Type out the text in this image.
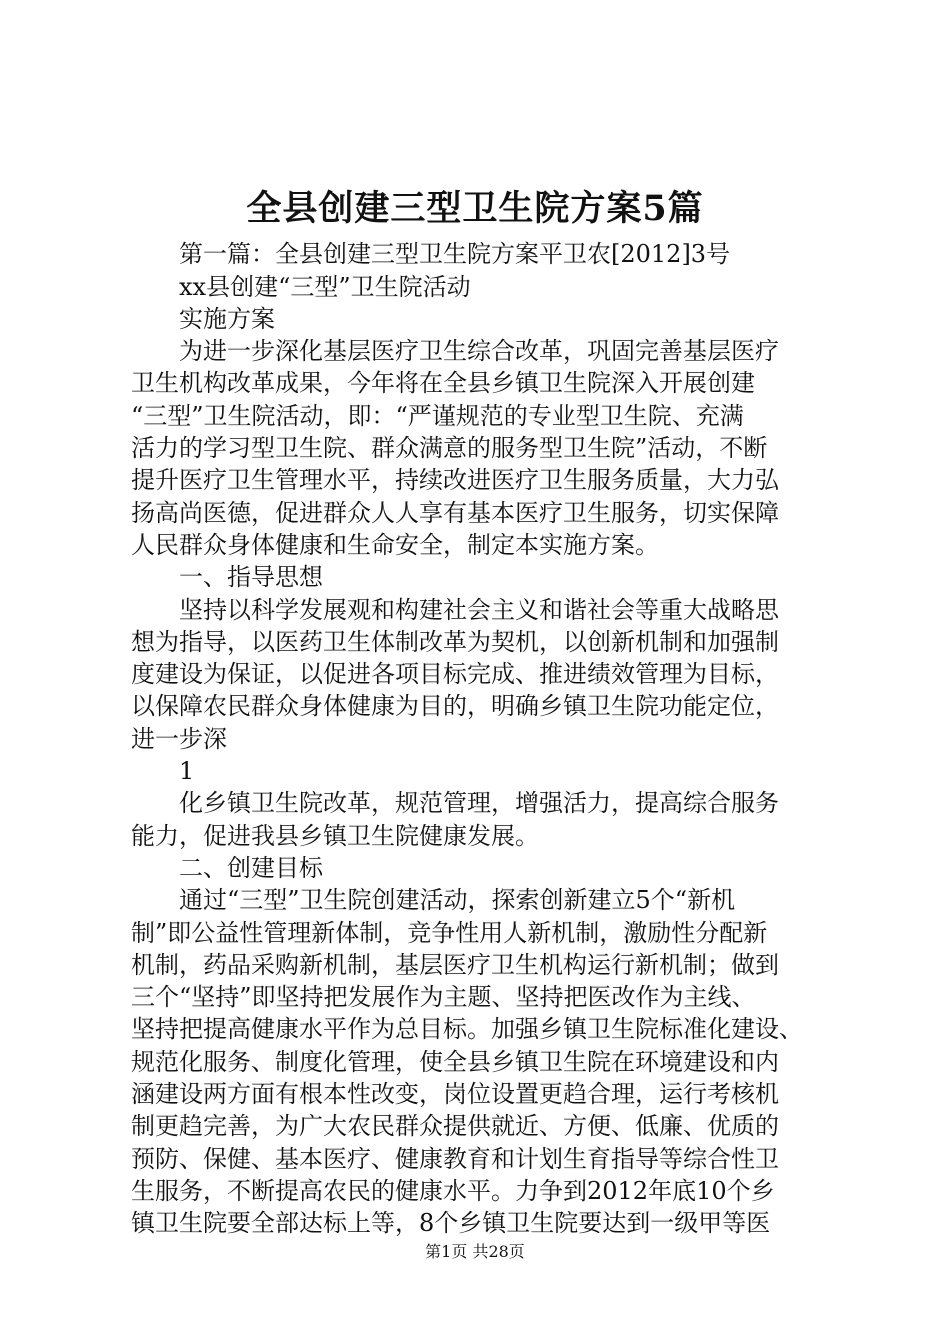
全县创建三型卫生院方案5篇
第一篇：全县创建三型卫生院方案平卫农[2012]3号
xx县创建“三型”卫生院活动
实施方案
为进一步深化基层医疗卫生综合改革，巩固完善基层医疗
卫生机构改革成果，今年将在全县乡镇卫生院深入开展创建
“三型”卫生院活动，即：“严谨规范的专业型卫生院、充满
活力的学习型卫生院、群众满意的服务型卫生院”活动，不断
提升医疗卫生管理水平，持续改进医疗卫生服务质量，大力弘
扬高尚医德，促进群众人人享有基本医疗卫生服务，切实保障
人民群众身体健康和生命安全，制定本实施方案。
一、指导思想
坚持以科学发展观和构建社会主义和谐社会等重大战略思
想为指导，以医药卫生体制改革为契机，以创新机制和加强制
度建设为保证，以促进各项目标完成、推进绩效管理为目标，
以保障农民群众身体健康为目的，明确乡镇卫生院功能定位，
进一步深
1
化乡镇卫生院改革，规范管理，增强活力，提高综合服务
能力，促进我县乡镇卫生院健康发展。
二、创建目标
通过“三型”卫生院创建活动，探索创新建立5个“新机
制”即公益性管理新体制，竞争性用人新机制，激励性分配新
机制，药品采购新机制，基层医疗卫生机构运行新机制；做到
三个“坚持”即坚持把发展作为主题、坚持把医改作为主线、
坚持把提高健康水平作为总目标。加强乡镇卫生院标准化建设、
规范化服务、制度化管理，使全县乡镇卫生院在环境建设和内
涵建设两方面有根本性改变，岗位设置更趋合理，运行考核机
制更趋完善，为广大农民群众提供就近、方便、低廉、优质的
预防、保健、基本医疗、健康教育和计划生育指导等综合性卫
生服务，不断提高农民的健康水平。力争到2012年底10个乡
镇卫生院要全部达标上等，8个乡镇卫生院要达到一级甲等医
第1页 共28页
